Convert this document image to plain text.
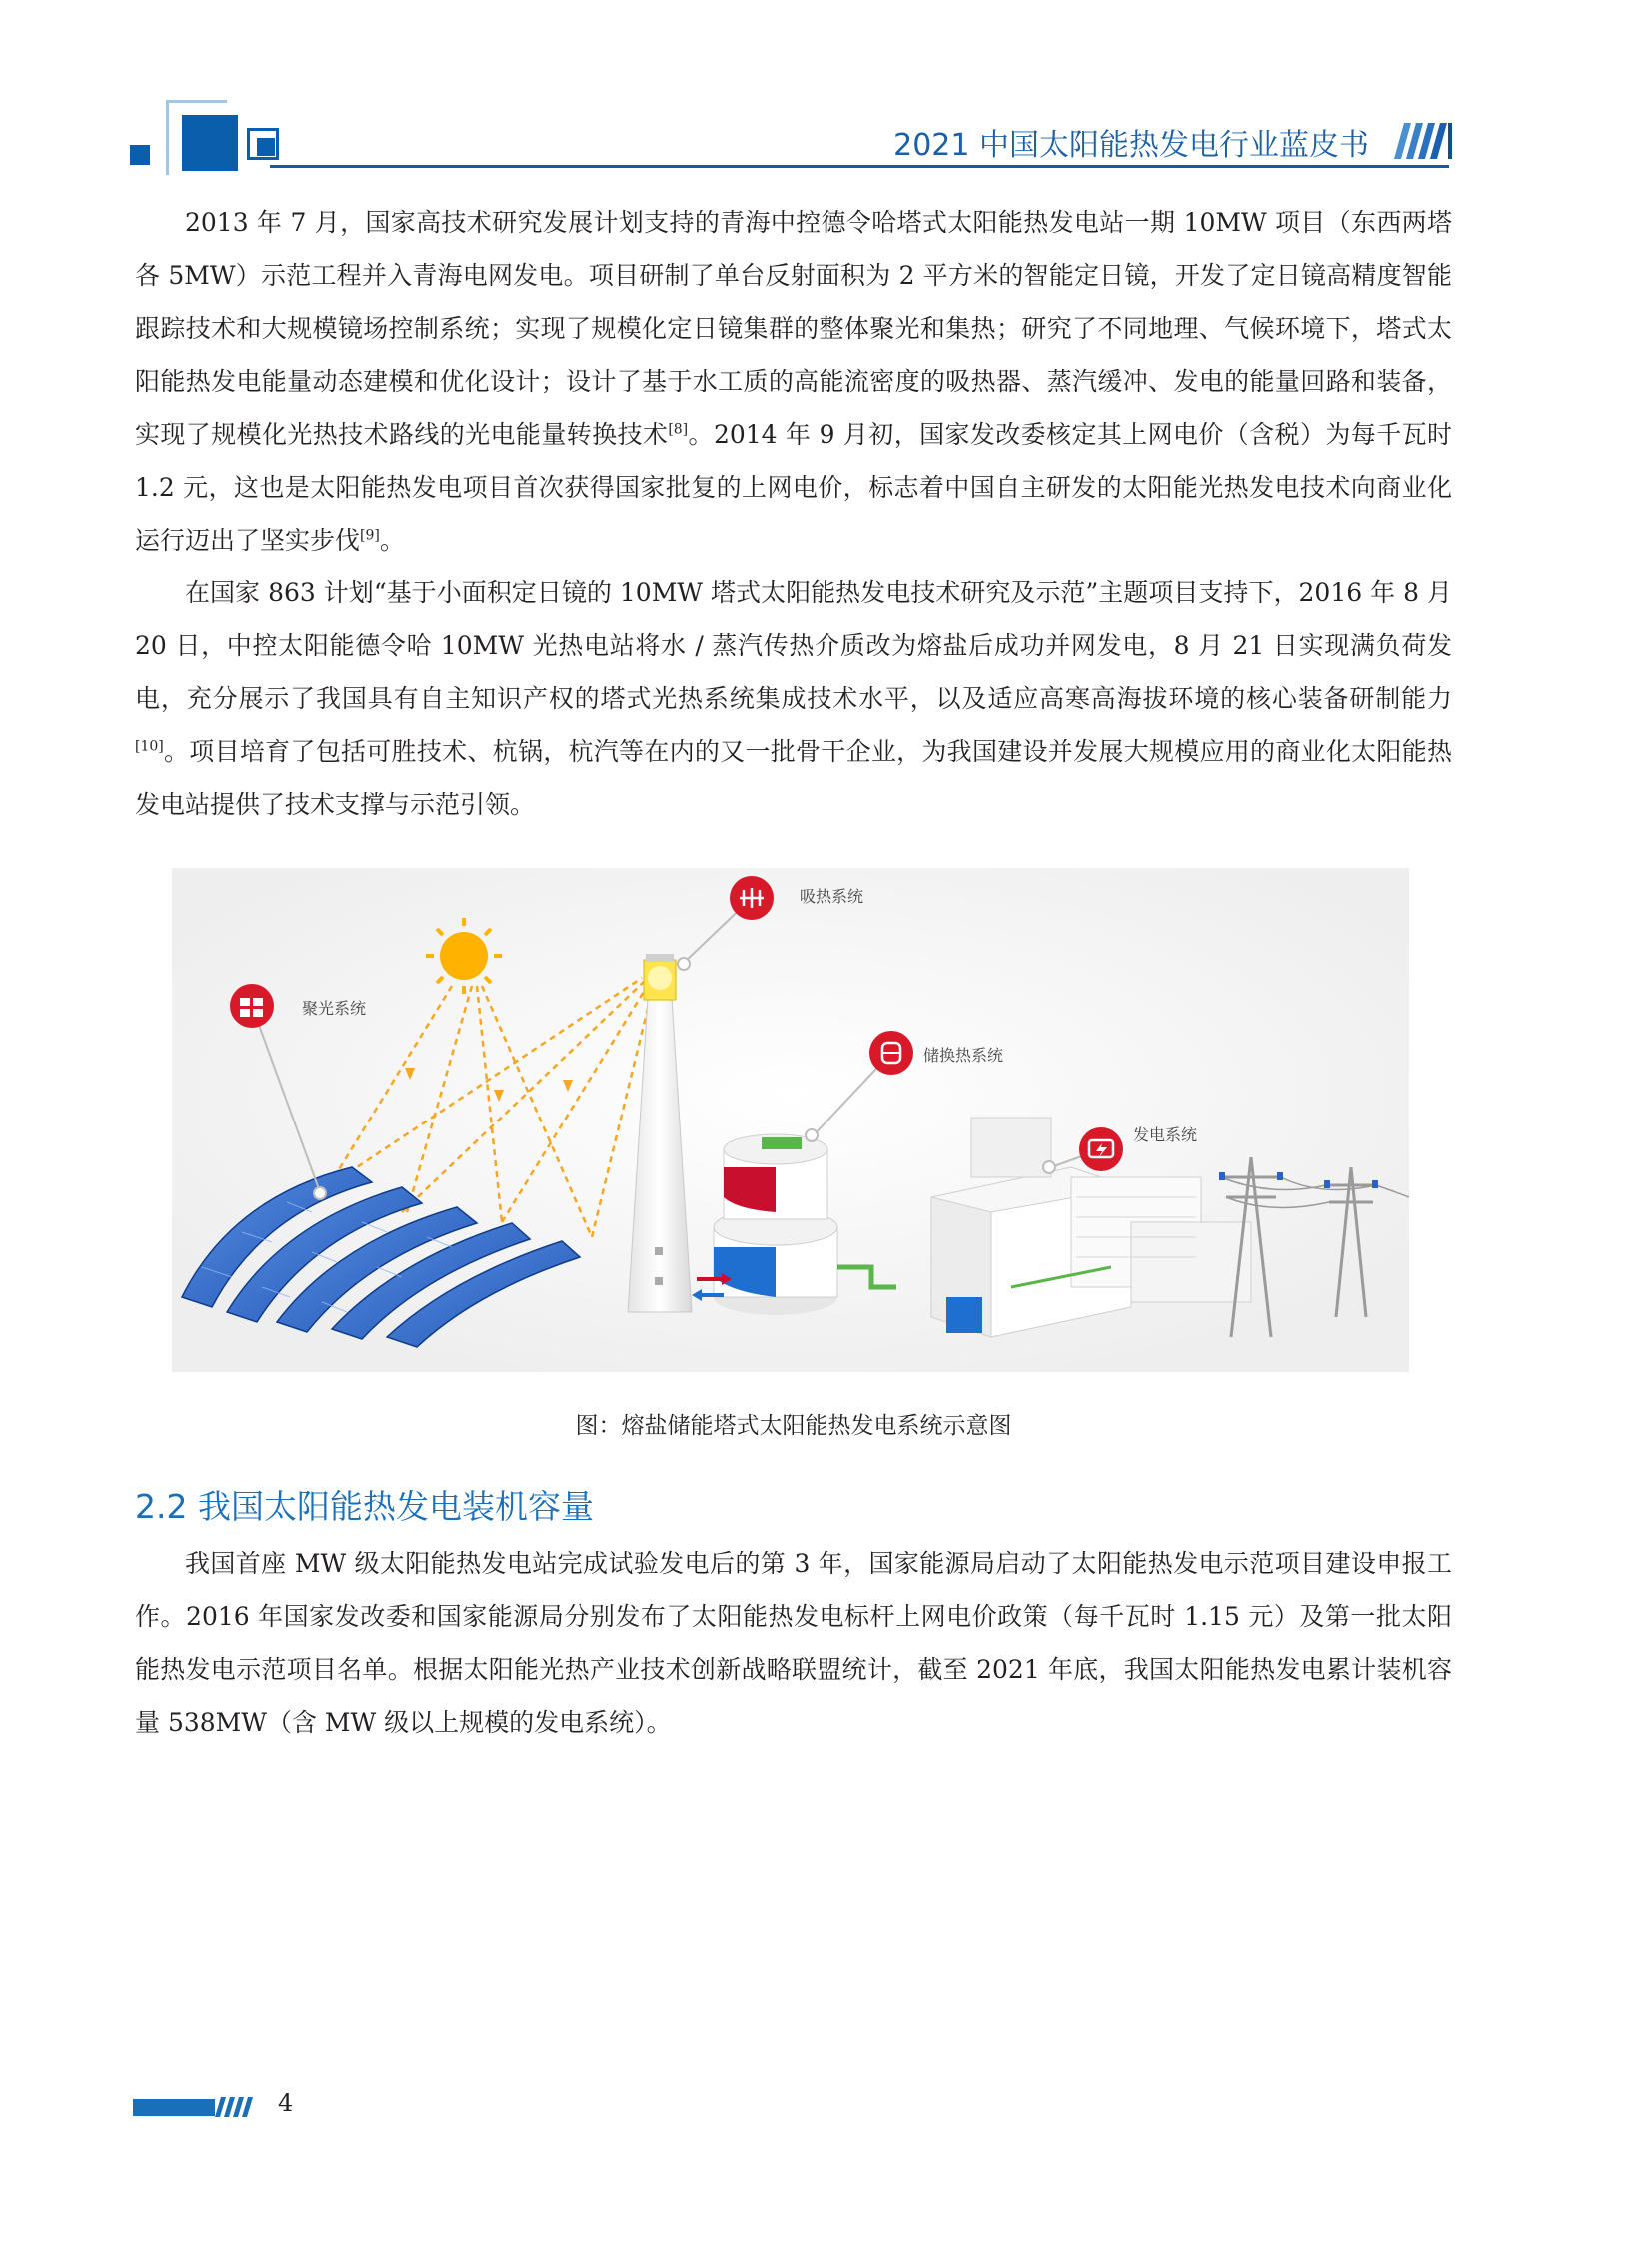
2021 中国太阳能热发电行业蓝皮书

2013 年 7 月，国家高技术研究发展计划支持的青海中控德令哈塔式太阳能热发电站一期 10MW 项目（东西两塔各 5MW）示范工程并入青海电网发电。项目研制了单台反射面积为 2 平方米的智能定日镜，开发了定日镜高精度智能跟踪技术和大规模镜场控制系统；实现了规模化定日镜集群的整体聚光和集热；研究了不同地理、气候环境下，塔式太阳能热发电能量动态建模和优化设计；设计了基于水工质的高能流密度的吸热器、蒸汽缓冲、发电的能量回路和装备，实现了规模化光热技术路线的光电能量转换技术[8]。2014 年 9 月初，国家发改委核定其上网电价（含税）为每千瓦时 1.2 元，这也是太阳能热发电项目首次获得国家批复的上网电价，标志着中国自主研发的太阳能光热发电技术向商业化运行迈出了坚实步伐[9]。

在国家 863 计划“基于小面积定日镜的 10MW 塔式太阳能热发电技术研究及示范”主题项目支持下，2016 年 8 月 20 日，中控太阳能德令哈 10MW 光热电站将水 / 蒸汽传热介质改为熔盐后成功并网发电，8 月 21 日实现满负荷发电，充分展示了我国具有自主知识产权的塔式光热系统集成技术水平，以及适应高寒高海拔环境的核心装备研制能力[10]。项目培育了包括可胜技术、杭锅，杭汽等在内的又一批骨干企业，为我国建设并发展大规模应用的商业化太阳能热发电站提供了技术支撑与示范引领。

吸热系统
聚光系统
储换热系统
发电系统
图：熔盐储能塔式太阳能热发电系统示意图
2.2 我国太阳能热发电装机容量

我国首座 MW 级太阳能热发电站完成试验发电后的第 3 年，国家能源局启动了太阳能热发电示范项目建设申报工作。2016 年国家发改委和国家能源局分别发布了太阳能热发电标杆上网电价政策（每千瓦时 1.15 元）及第一批太阳能热发电示范项目名单。根据太阳能光热产业技术创新战略联盟统计，截至 2021 年底，我国太阳能热发电累计装机容量 538MW（含 MW 级以上规模的发电系统）。

4
